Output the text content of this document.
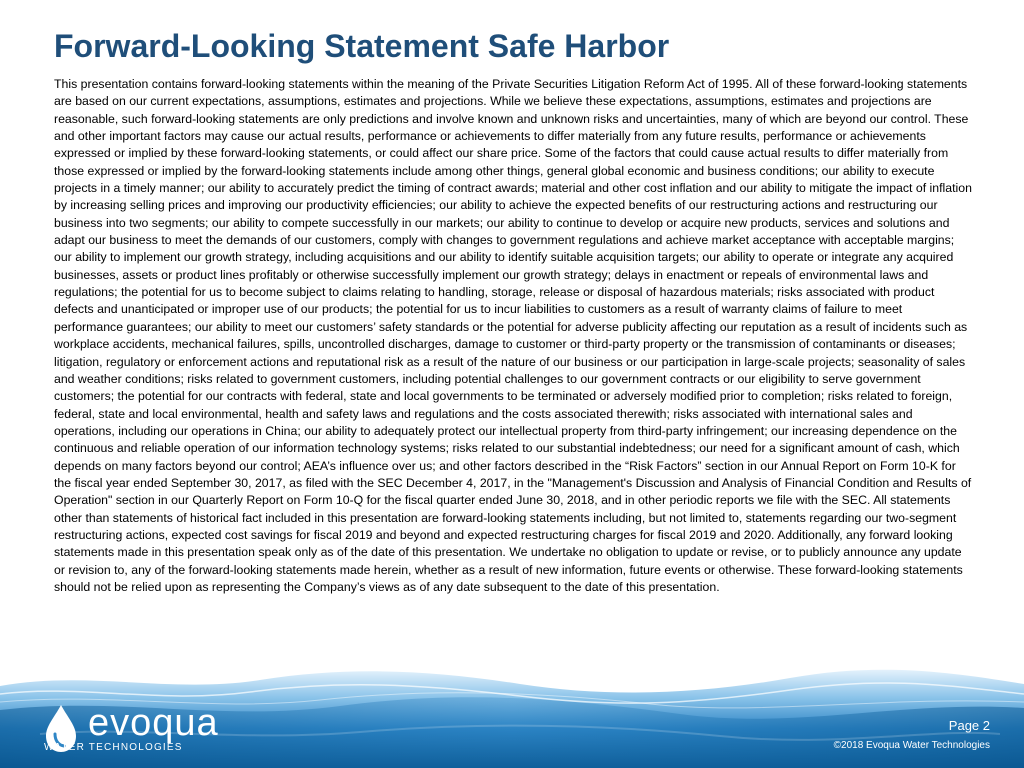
Forward-Looking Statement Safe Harbor

This presentation contains forward-looking statements within the meaning of the Private Securities Litigation Reform Act of 1995. All of these forward-looking statements are based on our current expectations, assumptions, estimates and projections. While we believe these expectations, assumptions, estimates and projections are reasonable, such forward-looking statements are only predictions and involve known and unknown risks and uncertainties, many of which are beyond our control. These and other important factors may cause our actual results, performance or achievements to differ materially from any future results, performance or achievements expressed or implied by these forward-looking statements, or could affect our share price. Some of the factors that could cause actual results to differ materially from those expressed or implied by the forward-looking statements include among other things, general global economic and business conditions; our ability to execute projects in a timely manner; our ability to accurately predict the timing of contract awards; material and other cost inflation and our ability to mitigate the impact of inflation by increasing selling prices and improving our productivity efficiencies; our ability to achieve the expected benefits of our restructuring actions and restructuring our business into two segments; our ability to compete successfully in our markets; our ability to continue to develop or acquire new products, services and solutions and adapt our business to meet the demands of our customers, comply with changes to government regulations and achieve market acceptance with acceptable margins; our ability to implement our growth strategy, including acquisitions and our ability to identify suitable acquisition targets; our ability to operate or integrate any acquired businesses, assets or product lines profitably or otherwise successfully implement our growth strategy; delays in enactment or repeals of environmental laws and regulations; the potential for us to become subject to claims relating to handling, storage, release or disposal of hazardous materials; risks associated with product defects and unanticipated or improper use of our products; the potential for us to incur liabilities to customers as a result of warranty claims of failure to meet performance guarantees; our ability to meet our customers’ safety standards or the potential for adverse publicity affecting our reputation as a result of incidents such as workplace accidents, mechanical failures, spills, uncontrolled discharges, damage to customer or third-party property or the transmission of contaminants or diseases; litigation, regulatory or enforcement actions and reputational risk as a result of the nature of our business or our participation in large-scale projects; seasonality of sales and weather conditions; risks related to government customers, including potential challenges to our government contracts or our eligibility to serve government customers; the potential for our contracts with federal, state and local governments to be terminated or adversely modified prior to completion; risks related to foreign, federal, state and local environmental, health and safety laws and regulations and the costs associated therewith; risks associated with international sales and operations, including our operations in China; our ability to adequately protect our intellectual property from third-party infringement; our increasing dependence on the continuous and reliable operation of our information technology systems; risks related to our substantial indebtedness; our need for a significant amount of cash, which depends on many factors beyond our control; AEA’s influence over us; and other factors described in the “Risk Factors” section in our Annual Report on Form 10-K for the fiscal year ended September 30, 2017, as filed with the SEC December 4, 2017, in the "Management's Discussion and Analysis of Financial Condition and Results of Operation" section in our Quarterly Report on Form 10-Q for the fiscal quarter ended June 30, 2018, and in other periodic reports we file with the SEC. All statements other than statements of historical fact included in this presentation are forward-looking statements including, but not limited to, statements regarding our two-segment restructuring actions, expected cost savings for fiscal 2019 and beyond and expected restructuring charges for fiscal 2019 and 2020. Additionally, any forward looking statements made in this presentation speak only as of the date of this presentation. We undertake no obligation to update or revise, or to publicly announce any update or revision to, any of the forward-looking statements made herein, whether as a result of new information, future events or otherwise. These forward-looking statements should not be relied upon as representing the Company’s views as of any date subsequent to the date of this presentation.

evoqua
WATER TECHNOLOGIES
Page 2
©2018 Evoqua Water Technologies
